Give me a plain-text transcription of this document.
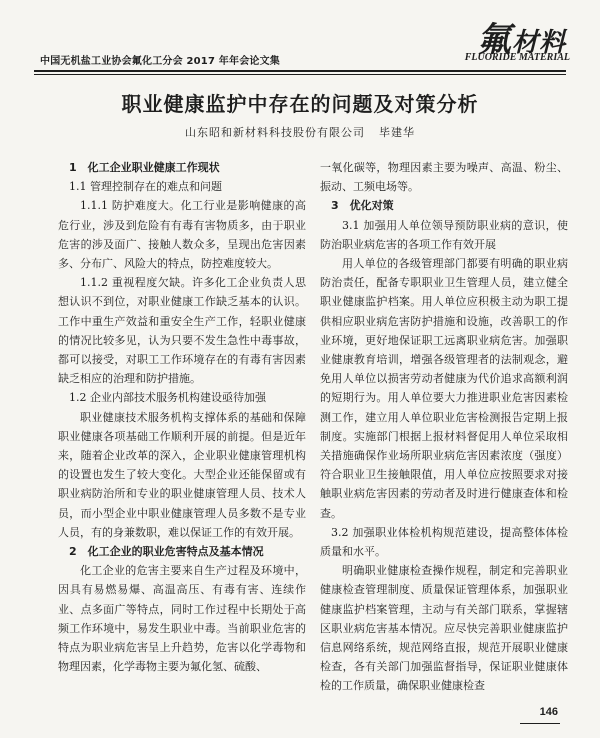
中国无机盐工业协会氟化工分会 2017 年年会论文集
氟材料
FLUORIDE MATERIAL
职业健康监护中存在的问题及对策分析
山东昭和新材料科技股份有限公司 毕建华
1　化工企业职业健康工作现状
1.1 管理控制存在的难点和问题

1.1.1 防护难度大。化工行业是影响健康的高危行业，涉及到危险有有毒有害物质多，由于职业危害的涉及面广、接触人数众多，呈现出危害因素多、分布广、风险大的特点，防控难度较大。

1.1.2 重视程度欠缺。许多化工企业负责人思想认识不到位，对职业健康工作缺乏基本的认识。工作中重生产效益和重安全生产工作，轻职业健康的情况比较多见，认为只要不发生急性中毒事故，都可以接受，对职工工作环境存在的有毒有害因素缺乏相应的治理和防护措施。

1.2 企业内部技术服务机构建设亟待加强

职业健康技术服务机构支撑体系的基础和保障职业健康各项基础工作顺利开展的前提。但是近年来，随着企业改革的深入，企业职业健康管理机构的设置也发生了较大变化。大型企业还能保留或有职业病防治所和专业的职业健康管理人员、技术人员，而小型企业中职业健康管理人员多数不是专业人员，有的身兼数职，难以保证工作的有效开展。

2　化工企业的职业危害特点及基本情况

化工企业的危害主要来自生产过程及环境中，因具有易燃易爆、高温高压、有毒有害、连续作业、点多面广等特点，同时工作过程中长期处于高频工作环境中，易发生职业中毒。当前职业危害的特点为职业病危害呈上升趋势，危害以化学毒物和物理因素，化学毒物主要为氟化氢、硫酸、

一氧化碳等，物理因素主要为噪声、高温、粉尘、振动、工频电场等。

3　优化对策

3.1 加强用人单位领导预防职业病的意识，使防治职业病危害的各项工作有效开展

用人单位的各级管理部门都要有明确的职业病防治责任，配备专职职业卫生管理人员，建立健全职业健康监护档案。用人单位应积极主动为职工提供相应职业病危害防护措施和设施，改善职工的作业环境，更好地保证职工远离职业病危害。加强职业健康教育培训，增强各级管理者的法制观念，避免用人单位以损害劳动者健康为代价追求高额利润的短期行为。用人单位要大力推进职业危害因素检测工作，建立用人单位职业危害检测报告定期上报制度。实施部门根据上报材料督促用人单位采取相关措施确保作业场所职业病危害因素浓度（强度）符合职业卫生接触限值，用人单位应按照要求对接触职业病危害因素的劳动者及时进行健康查体和检查。

3.2 加强职业体检机构规范建设，提高整体体检质量和水平。

明确职业健康检查操作规程，制定和完善职业健康检查管理制度、质量保证管理体系，加强职业健康监护档案管理，主动与有关部门联系，掌握辖区职业病危害基本情况。应尽快完善职业健康监护信息网络系统，规范网络直报，规范开展职业健康检查，各有关部门加强监督指导，保证职业健康体检的工作质量，确保职业健康检查

146
